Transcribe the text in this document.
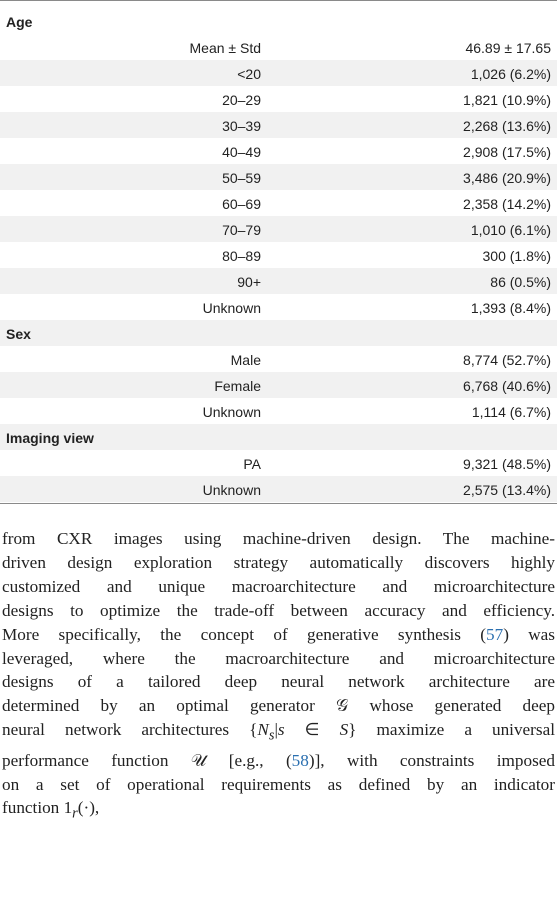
Age
Mean ± Std	46.89 ± 17.65
<20	1,026 (6.2%)
20–29	1,821 (10.9%)
30–39	2,268 (13.6%)
40–49	2,908 (17.5%)
50–59	3,486 (20.9%)
60–69	2,358 (14.2%)
70–79	1,010 (6.1%)
80–89	300 (1.8%)
90+	86 (0.5%)
Unknown	1,393 (8.4%)
Sex
Male	8,774 (52.7%)
Female	6,768 (40.6%)
Unknown	1,114 (6.7%)
Imaging view
PA	9,321 (48.5%)
Unknown	2,575 (13.4%)
from CXR images using machine-driven design. The machine-
driven design exploration strategy automatically discovers highly
customized and unique macroarchitecture and microarchitecture
designs to optimize the trade-off between accuracy and efficiency.
More specifically, the concept of generative synthesis (57) was
leveraged, where the macroarchitecture and microarchitecture
designs of a tailored deep neural network architecture are
determined by an optimal generator 𝒢 whose generated deep
neural network architectures {$N_s|s$ ∈ S} maximize a universal
performance function 𝒰 [e.g., (58)], with constraints imposed
on a set of operational requirements as defined by an indicator
function $1_r(\cdot)$,
